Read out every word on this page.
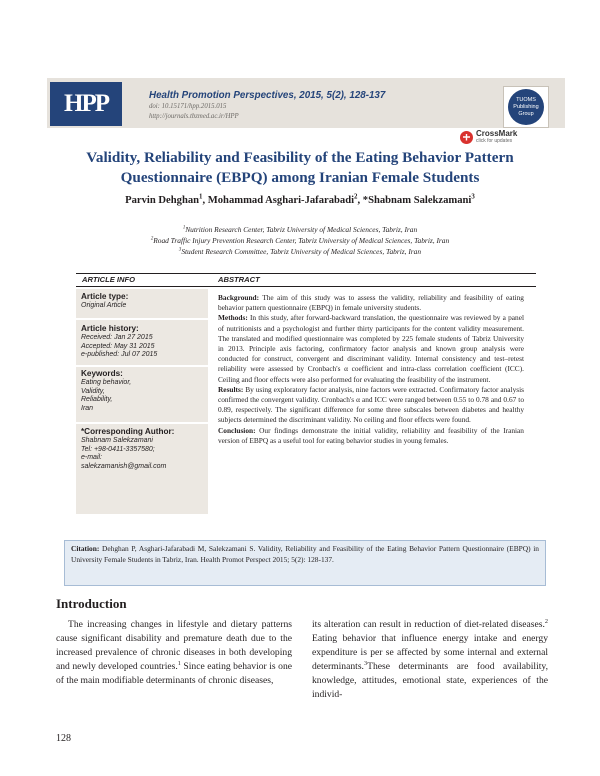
HPP	Health Promotion Perspectives, 2015, 5(2), 128-137
doi: 10.15171/hpp.2015.015
http://journals.tbzmed.ac.ir/HPP
TUOMS
Publishing
Group
CrossMark
click for updates
Validity, Reliability and Feasibility of the Eating Behavior Pattern
Questionnaire (EBPQ) among Iranian Female Students
Parvin Dehghan$^1$, Mohammad Asghari-Jafarabadi$^2$, *Shabnam Salekzamani$^3$
$^1$Nutrition Research Center, Tabriz University of Medical Sciences, Tabriz, Iran
$^2$Road Traffic Injury Prevention Research Center, Tabriz University of Medical Sciences, Tabriz, Iran
$^3$Student Research Committee, Tabriz University of Medical Sciences, Tabriz, Iran
ARTICLE INFO	ABSTRACT
Article type:
Original Article
Article history:
Received: Jan 27 2015
Accepted: May 31 2015
e-published: Jul 07 2015
Keywords:
Eating behavior,
Validity,
Reliability,
Iran
*Corresponding Author:
Shabnam Salekzamani
Tel: +98-0411-3357580;
e-mail:
salekzamanish@gmail.com

Background: The aim of this study was to assess the validity, reliability and feasibility of eating behavior pattern questionnaire (EBPQ) in female university students.

Methods: In this study, after forward-backward translation, the questionnaire was reviewed by a panel of nutritionists and a psychologist and further thirty participants for the content validity measurement. The translated and modified questionnaire was completed by 225 female students of Tabriz University in 2013. Principle axis factoring, confirmatory factor analysis and known group analysis were conducted for construct, convergent and discriminant validity. Internal consistency and test–retest reliability were assessed by Cronbach's α coefficient and intra-class correlation coefficient (ICC). Ceiling and floor effects were also performed for evaluating the feasibility of the instrument.

Results: By using exploratory factor analysis, nine factors were extracted. Confirmatory factor analysis confirmed the convergent validity. Cronbach's α and ICC were ranged between 0.55 to 0.78 and 0.67 to 0.89, respectively. The significant difference for some three subscales between diabetes and healthy subjects determined the discriminant validity. No ceiling and floor effects were found.

Conclusion: Our findings demonstrate the initial validity, reliability and feasibility of the Iranian version of EBPQ as a useful tool for eating behavior studies in young females.

Citation: Dehghan P, Asghari-Jafarabadi M, Salekzamani S. Validity, Reliability and Feasibility of the Eating Behavior Pattern Questionnaire (EBPQ) in University Female Students in Tabriz, Iran. Health Promot Perspect 2015; 5(2): 128-137.
Introduction

The increasing changes in lifestyle and dietary patterns cause significant disability and premature death due to the increased prevalence of chronic diseases in both developing and newly developed countries.$^1$ Since eating behavior is one of the main modifiable determinants of chronic diseases,

its alteration can result in reduction of diet-related diseases.$^2$ Eating behavior that influence energy intake and energy expenditure is per se affected by some internal and external determinants.$^3$These determinants are food availability, knowledge, attitudes, emotional state, experiences of the individ-

128
